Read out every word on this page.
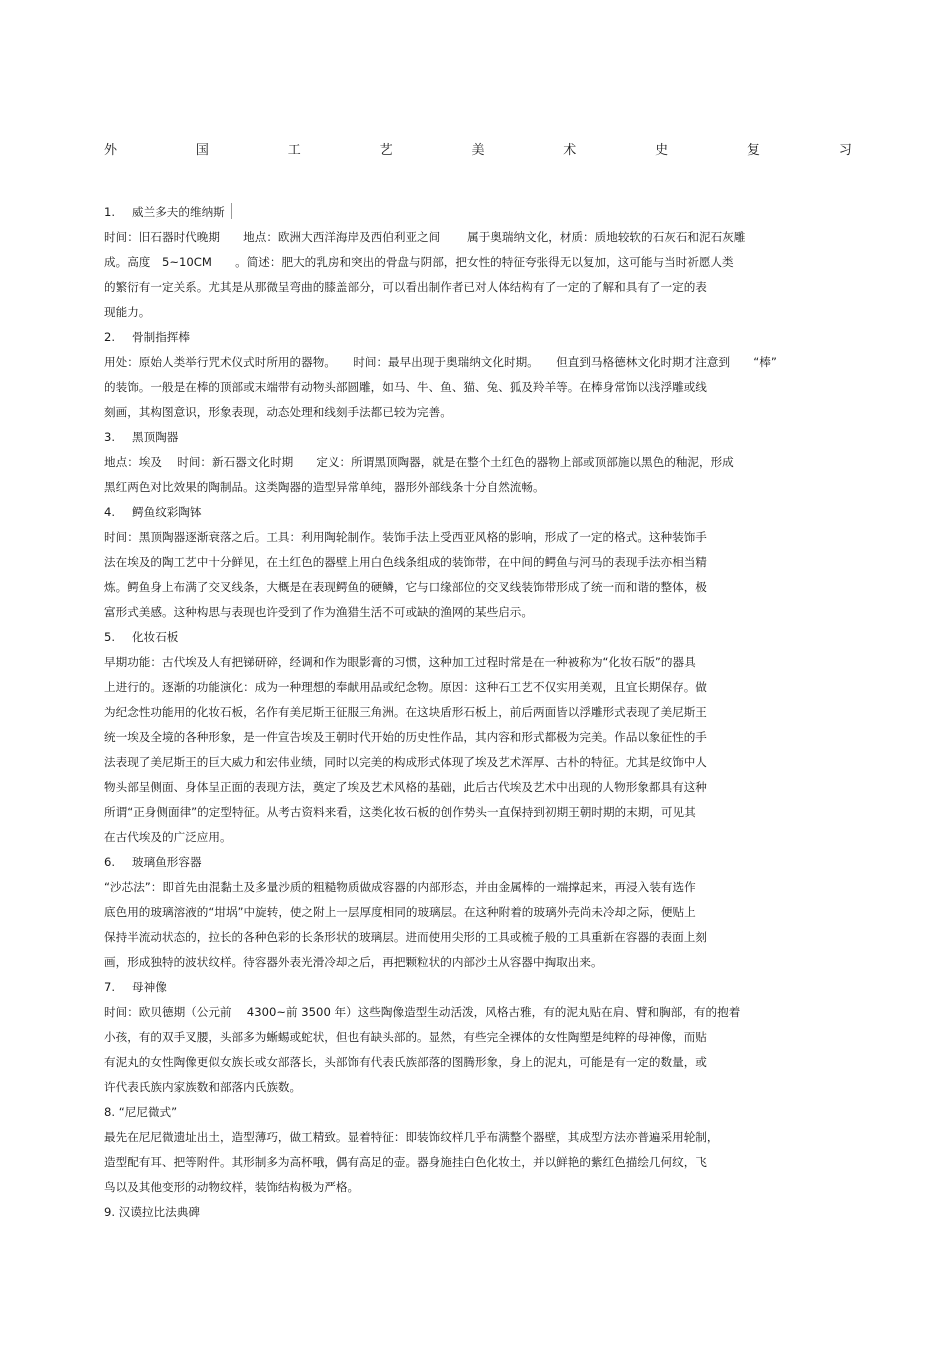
外	国	工	艺	美	术	史	复	习
1. 威兰多夫的维纳斯
时间：旧石器时代晚期　　地点：欧洲大西洋海岸及西伯利亚之间　　 属于奥瑞纳文化，材质：质地较软的石灰石和泥石灰雕
成。高度　5~10CM　　。简述：肥大的乳房和突出的骨盘与阴部，把女性的特征夸张得无以复加，这可能与当时祈愿人类
的繁衍有一定关系。尤其是从那微呈弯曲的膝盖部分，可以看出制作者已对人体结构有了一定的了解和具有了一定的表
现能力。
2. 骨制指挥棒
用处：原始人类举行咒术仪式时所用的器物。　　时间：最早出现于奥瑞纳文化时期。　　但直到马格德林文化时期才注意到　　“棒”
的装饰。一般是在棒的顶部或末端带有动物头部圆雕，如马、牛、鱼、猫、兔、狐及羚羊等。在棒身常饰以浅浮雕或线
刻画，其构图意识，形象表现，动态处理和线刻手法都已较为完善。
3. 黑顶陶器
地点：埃及　 时间：新石器文化时期　　定义：所谓黑顶陶器，就是在整个土红色的器物上部或顶部施以黑色的釉泥，形成
黑红两色对比效果的陶制品。这类陶器的造型异常单纯，器形外部线条十分自然流畅。
4. 鳄鱼纹彩陶钵
时间：黑顶陶器逐渐衰落之后。工具：利用陶轮制作。装饰手法上受西亚风格的影响，形成了一定的格式。这种装饰手
法在埃及的陶工艺中十分鲜见，在土红色的器壁上用白色线条组成的装饰带，在中间的鳄鱼与河马的表现手法亦相当精
炼。鳄鱼身上布满了交叉线条，大概是在表现鳄鱼的硬鳞，它与口缘部位的交叉线装饰带形成了统一而和谐的整体，极
富形式美感。这种构思与表现也许受到了作为渔猎生活不可或缺的渔网的某些启示。
5. 化妆石板
早期功能：古代埃及人有把锑研碎，经调和作为眼影膏的习惯，这种加工过程时常是在一种被称为“化妆石版”的器具
上进行的。逐渐的功能演化：成为一种理想的奉献用品或纪念物。原因：这种石工艺不仅实用美观，且宜长期保存。做
为纪念性功能用的化妆石板，名作有美尼斯王征服三角洲。在这块盾形石板上，前后两面皆以浮雕形式表现了美尼斯王
统一埃及全境的各种形象，是一件宣告埃及王朝时代开始的历史性作品，其内容和形式都极为完美。作品以象征性的手
法表现了美尼斯王的巨大威力和宏伟业绩，同时以完美的构成形式体现了埃及艺术浑厚、古朴的特征。尤其是纹饰中人
物头部呈侧面、身体呈正面的表现方法，奠定了埃及艺术风格的基础，此后古代埃及艺术中出现的人物形象都具有这种
所谓“正身侧面律”的定型特征。从考古资料来看，这类化妆石板的创作势头一直保持到初期王朝时期的末期，可见其
在古代埃及的广泛应用。
6. 玻璃鱼形容器
“沙芯法”：即首先由混黏土及多量沙质的粗糙物质做成容器的内部形态，并由金属棒的一端撑起来，再浸入装有选作
底色用的玻璃溶液的“坩埚”中旋转，使之附上一层厚度相同的玻璃层。在这种附着的玻璃外壳尚未冷却之际，便贴上
保持半流动状态的，拉长的各种色彩的长条形状的玻璃层。进而使用尖形的工具或梳子般的工具重新在容器的表面上刻
画，形成独特的波状纹样。待容器外表光滑冷却之后，再把颗粒状的内部沙土从容器中掏取出来。
7. 母神像
时间：欧贝德期（公元前　 4300~前 3500 年）这些陶像造型生动活泼，风格古雅，有的泥丸贴在肩、臂和胸部，有的抱着
小孩，有的双手叉腰，头部多为蜥蜴或蛇状，但也有缺头部的。显然，有些完全裸体的女性陶塑是纯粹的母神像，而贴
有泥丸的女性陶像更似女族长或女部落长，头部饰有代表氏族部落的图腾形象，身上的泥丸，可能是有一定的数量，或
许代表氏族内家族数和部落内氏族数。
8. “尼尼微式”
最先在尼尼微遗址出土，造型薄巧，做工精致。显着特征：即装饰纹样几乎布满整个器壁，其成型方法亦普遍采用轮制，
造型配有耳、把等附件。其形制多为高杯哦，偶有高足的壶。器身施挂白色化妆土，并以鲜艳的紫红色描绘几何纹，飞
鸟以及其他变形的动物纹样，装饰结构极为严格。
9. 汉谟拉比法典碑
